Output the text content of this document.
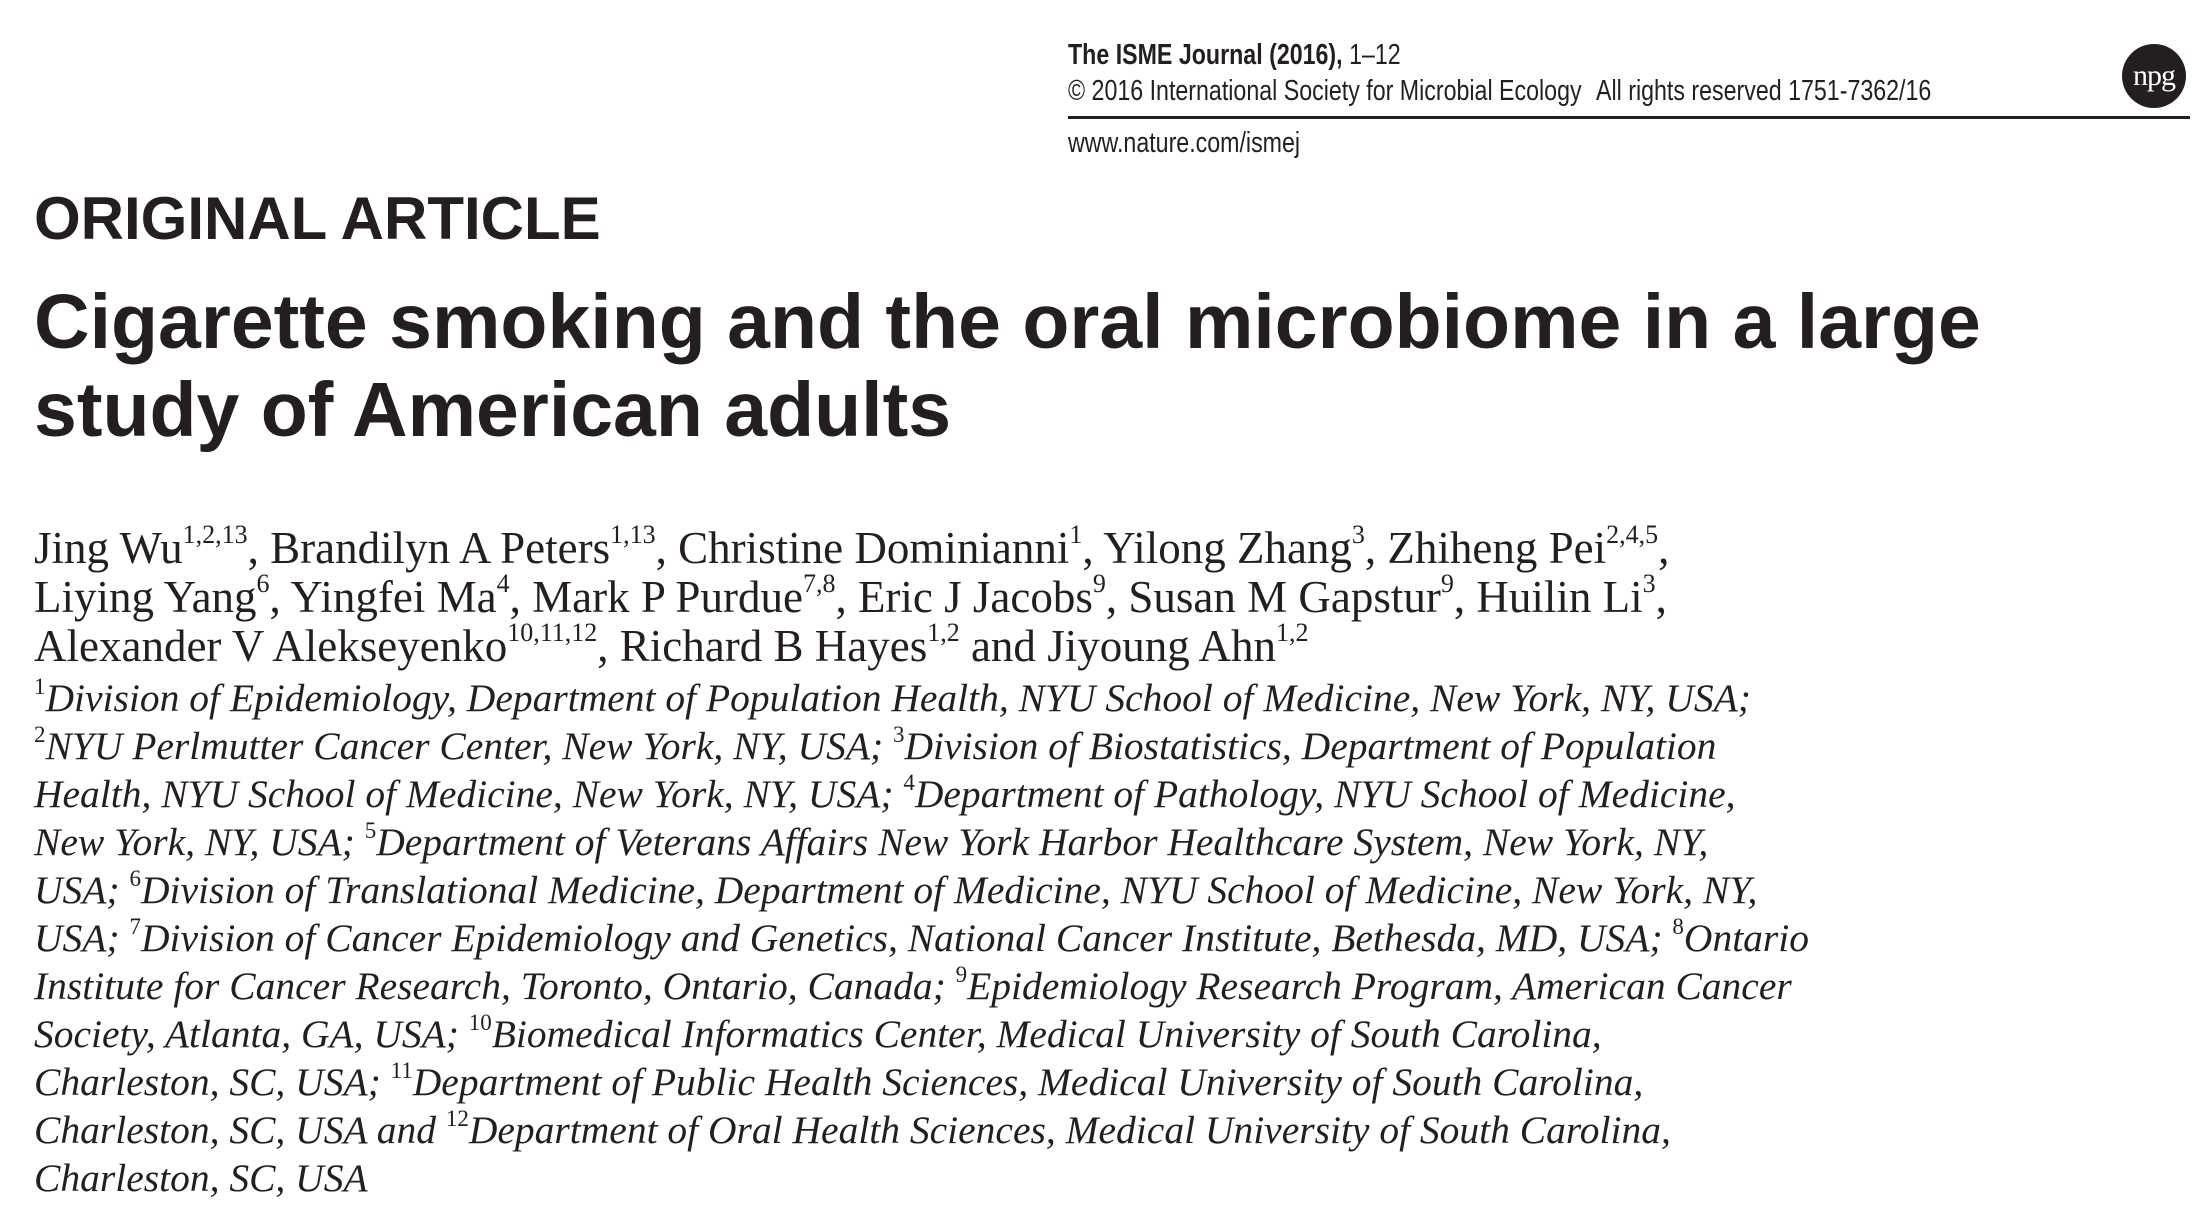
The ISME Journal (2016), 1–12
© 2016 International Society for Microbial Ecology All rights reserved 1751-7362/16
www.nature.com/ismej
npg
ORIGINAL ARTICLE
Cigarette smoking and the oral microbiome in a large
study of American adults
Jing Wu$^{1,2,13}$, Brandilyn A Peters$^{1,13}$, Christine Dominianni$^1$, Yilong Zhang$^3$, Zhiheng Pei$^{2,4,5}$,
Liying Yang$^6$, Yingfei Ma$^4$, Mark P Purdue$^{7,8}$, Eric J Jacobs$^9$, Susan M Gapstur$^9$, Huilin Li$^3$,
Alexander V Alekseyenko$^{10,11,12}$, Richard B Hayes$^{1,2}$ and Jiyoung Ahn$^{1,2}$
$^1$Division of Epidemiology, Department of Population Health, NYU School of Medicine, New York, NY, USA;
$^2$NYU Perlmutter Cancer Center, New York, NY, USA; $^3$Division of Biostatistics, Department of Population
Health, NYU School of Medicine, New York, NY, USA; $^4$Department of Pathology, NYU School of Medicine,
New York, NY, USA; $^5$Department of Veterans Affairs New York Harbor Healthcare System, New York, NY,
USA; $^6$Division of Translational Medicine, Department of Medicine, NYU School of Medicine, New York, NY,
USA; $^7$Division of Cancer Epidemiology and Genetics, National Cancer Institute, Bethesda, MD, USA; $^8$Ontario
Institute for Cancer Research, Toronto, Ontario, Canada; $^9$Epidemiology Research Program, American Cancer
Society, Atlanta, GA, USA; $^{10}$Biomedical Informatics Center, Medical University of South Carolina,
Charleston, SC, USA; $^{11}$Department of Public Health Sciences, Medical University of South Carolina,
Charleston, SC, USA and $^{12}$Department of Oral Health Sciences, Medical University of South Carolina,
Charleston, SC, USA
